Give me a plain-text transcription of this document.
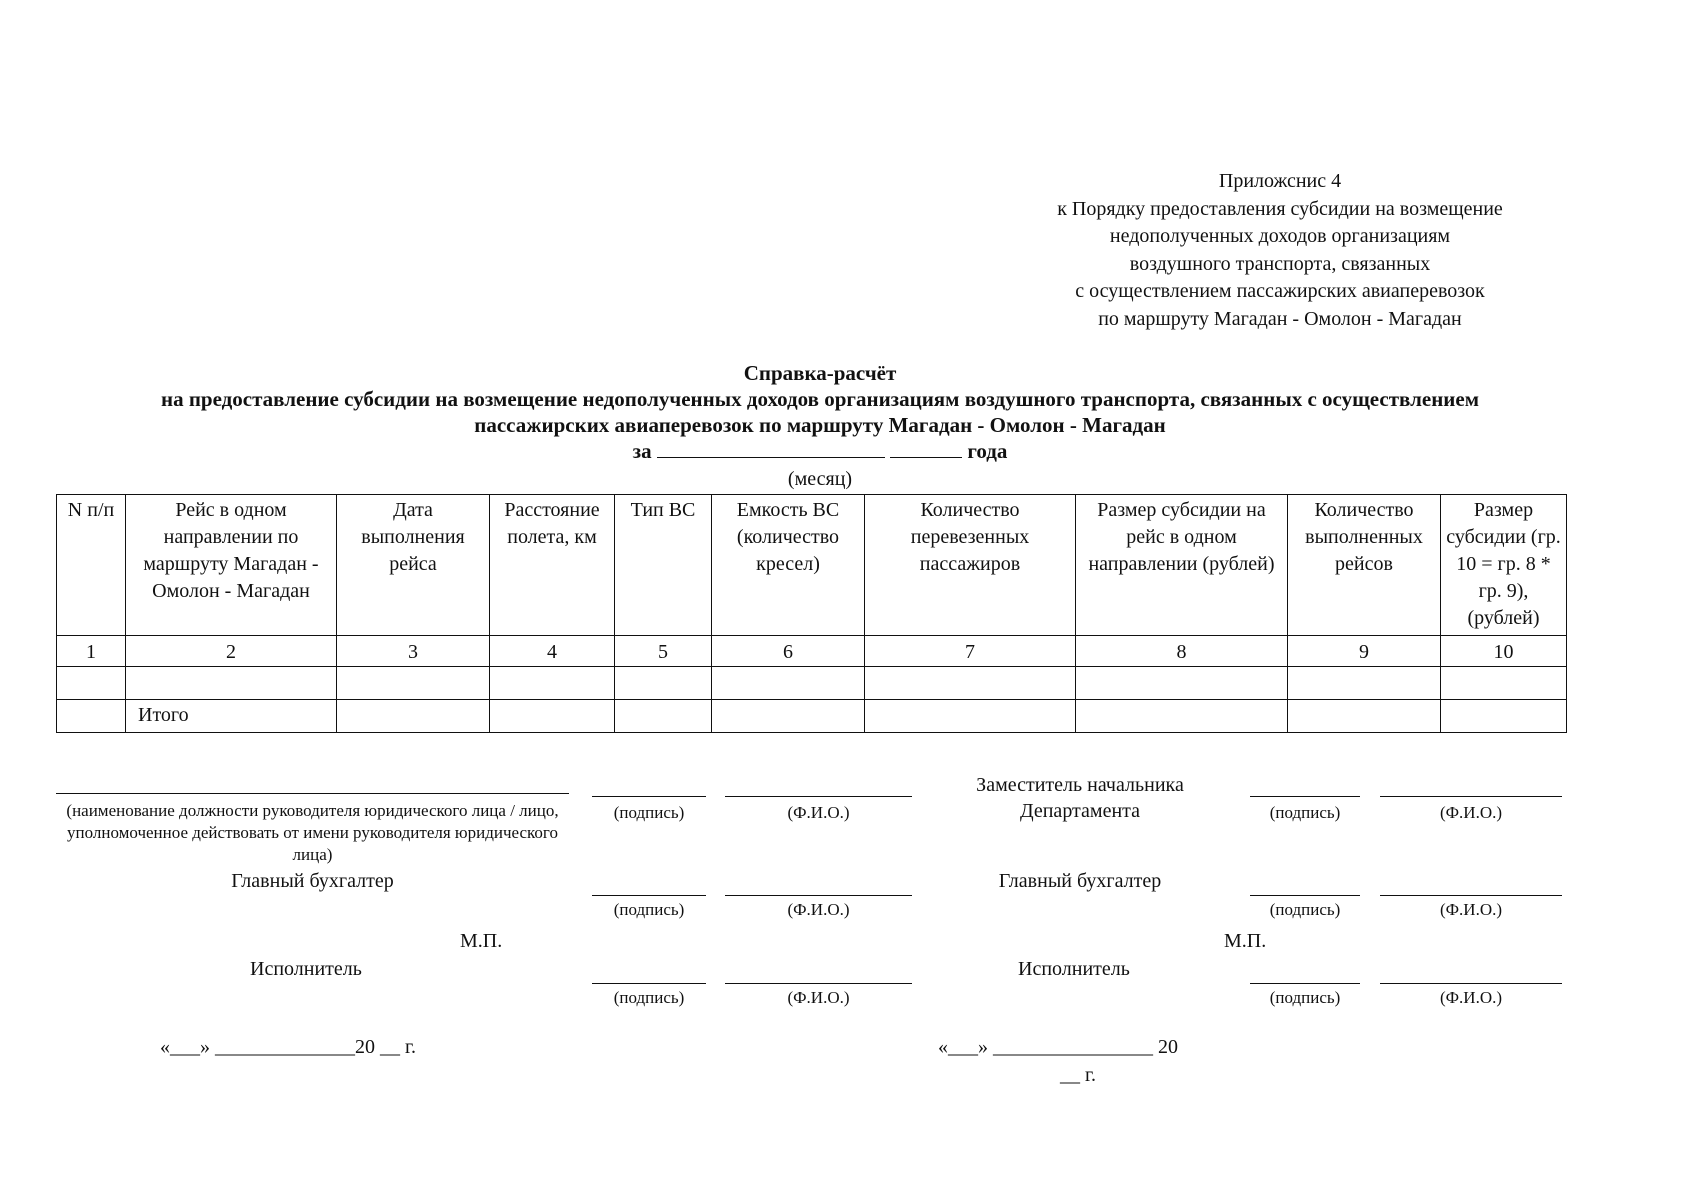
Приложснис 4
к Порядку предоставления субсидии на возмещение
недополученных доходов организациям
воздушного транспорта, связанных
с осуществлением пассажирских авиаперевозок
по маршруту Магадан - Омолон - Магадан
Справка-расчёт
на предоставление субсидии на возмещение недополученных доходов организациям воздушного транспорта, связанных с осуществлением
пассажирских авиаперевозок по маршруту Магадан - Омолон - Магадан
за	года
(месяц)
N п/п	Рейс в одном направлении по маршруту Магадан - Омолон - Магадан	Дата выполнения рейса	Расстояние полета, км	Тип ВС	Емкость ВС (количество кресел)	Количество перевезенных пассажиров	Размер субсидии на рейс в одном направлении (рублей)	Количество выполненных рейсов	Размер субсидии (гр. 10 = гр. 8 * гр. 9), (рублей)
1	2	3	4	5	6	7	8	9	10

	Итого								
(наименование должности руководителя юридического лица / лицо, уполномоченное действовать от имени руководителя юридического лица)
(подпись)	(Ф.И.О.)
Главный бухгалтер
(подпись)	(Ф.И.О.)
М.П.
Исполнитель
(подпись)	(Ф.И.О.)
«___» ______________20 __ г.
Заместитель начальника
Департамента	(подпись)	(Ф.И.О.)
Главный бухгалтер
(подпись)	(Ф.И.О.)
М.П.
Исполнитель
(подпись)	(Ф.И.О.)
«___» ________________ 20
__ г.
